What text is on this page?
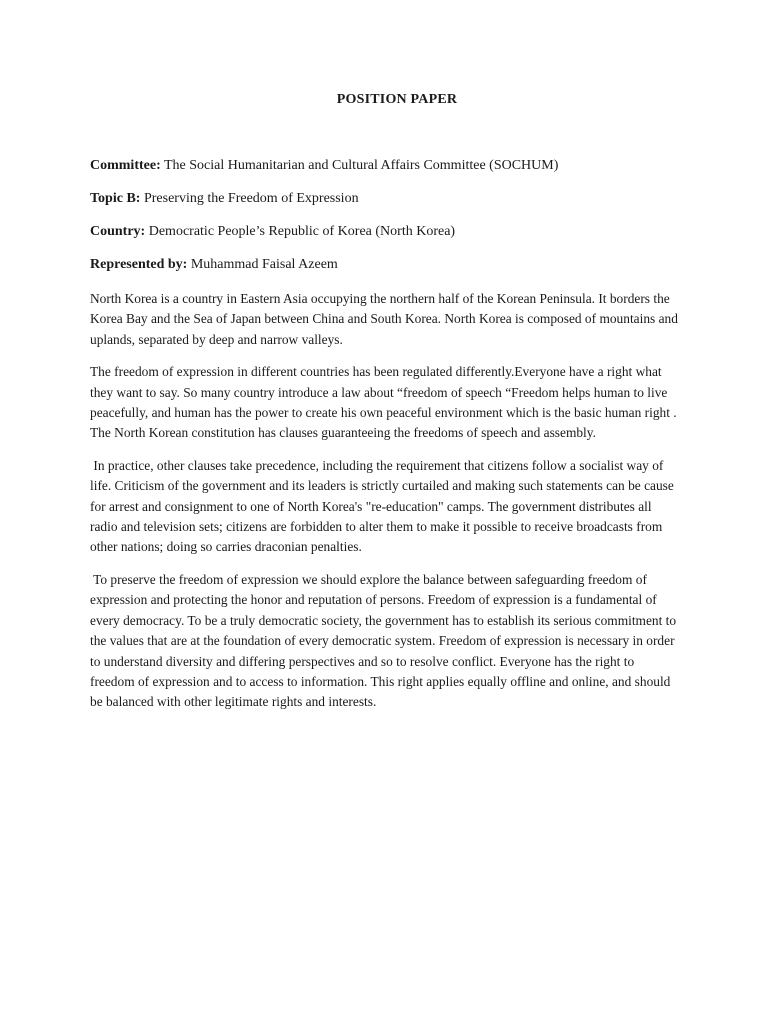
POSITION PAPER
Committee: The Social Humanitarian and Cultural Affairs Committee (SOCHUM)
Topic B: Preserving the Freedom of Expression
Country: Democratic People’s Republic of Korea (North Korea)
Represented by: Muhammad Faisal Azeem

North Korea is a country in Eastern Asia occupying the northern half of the Korean Peninsula. It borders the Korea Bay and the Sea of Japan between China and South Korea. North Korea is composed of mountains and uplands, separated by deep and narrow valleys.

The freedom of expression in different countries has been regulated differently.Everyone have a right what they want to say. So many country introduce a law about “freedom of speech “Freedom helps human to live peacefully, and human has the power to create his own peaceful environment which is the basic human right . The North Korean constitution has clauses guaranteeing the freedoms of speech and assembly.

In practice, other clauses take precedence, including the requirement that citizens follow a socialist way of life. Criticism of the government and its leaders is strictly curtailed and making such statements can be cause for arrest and consignment to one of North Korea's "re-education" camps. The government distributes all radio and television sets; citizens are forbidden to alter them to make it possible to receive broadcasts from other nations; doing so carries draconian penalties.

To preserve the freedom of expression we should explore the balance between safeguarding freedom of expression and protecting the honor and reputation of persons. Freedom of expression is a fundamental of every democracy. To be a truly democratic society, the government has to establish its serious commitment to the values that are at the foundation of every democratic system. Freedom of expression is necessary in order to understand diversity and differing perspectives and so to resolve conflict. Everyone has the right to freedom of expression and to access to information. This right applies equally offline and online, and should be balanced with other legitimate rights and interests.
